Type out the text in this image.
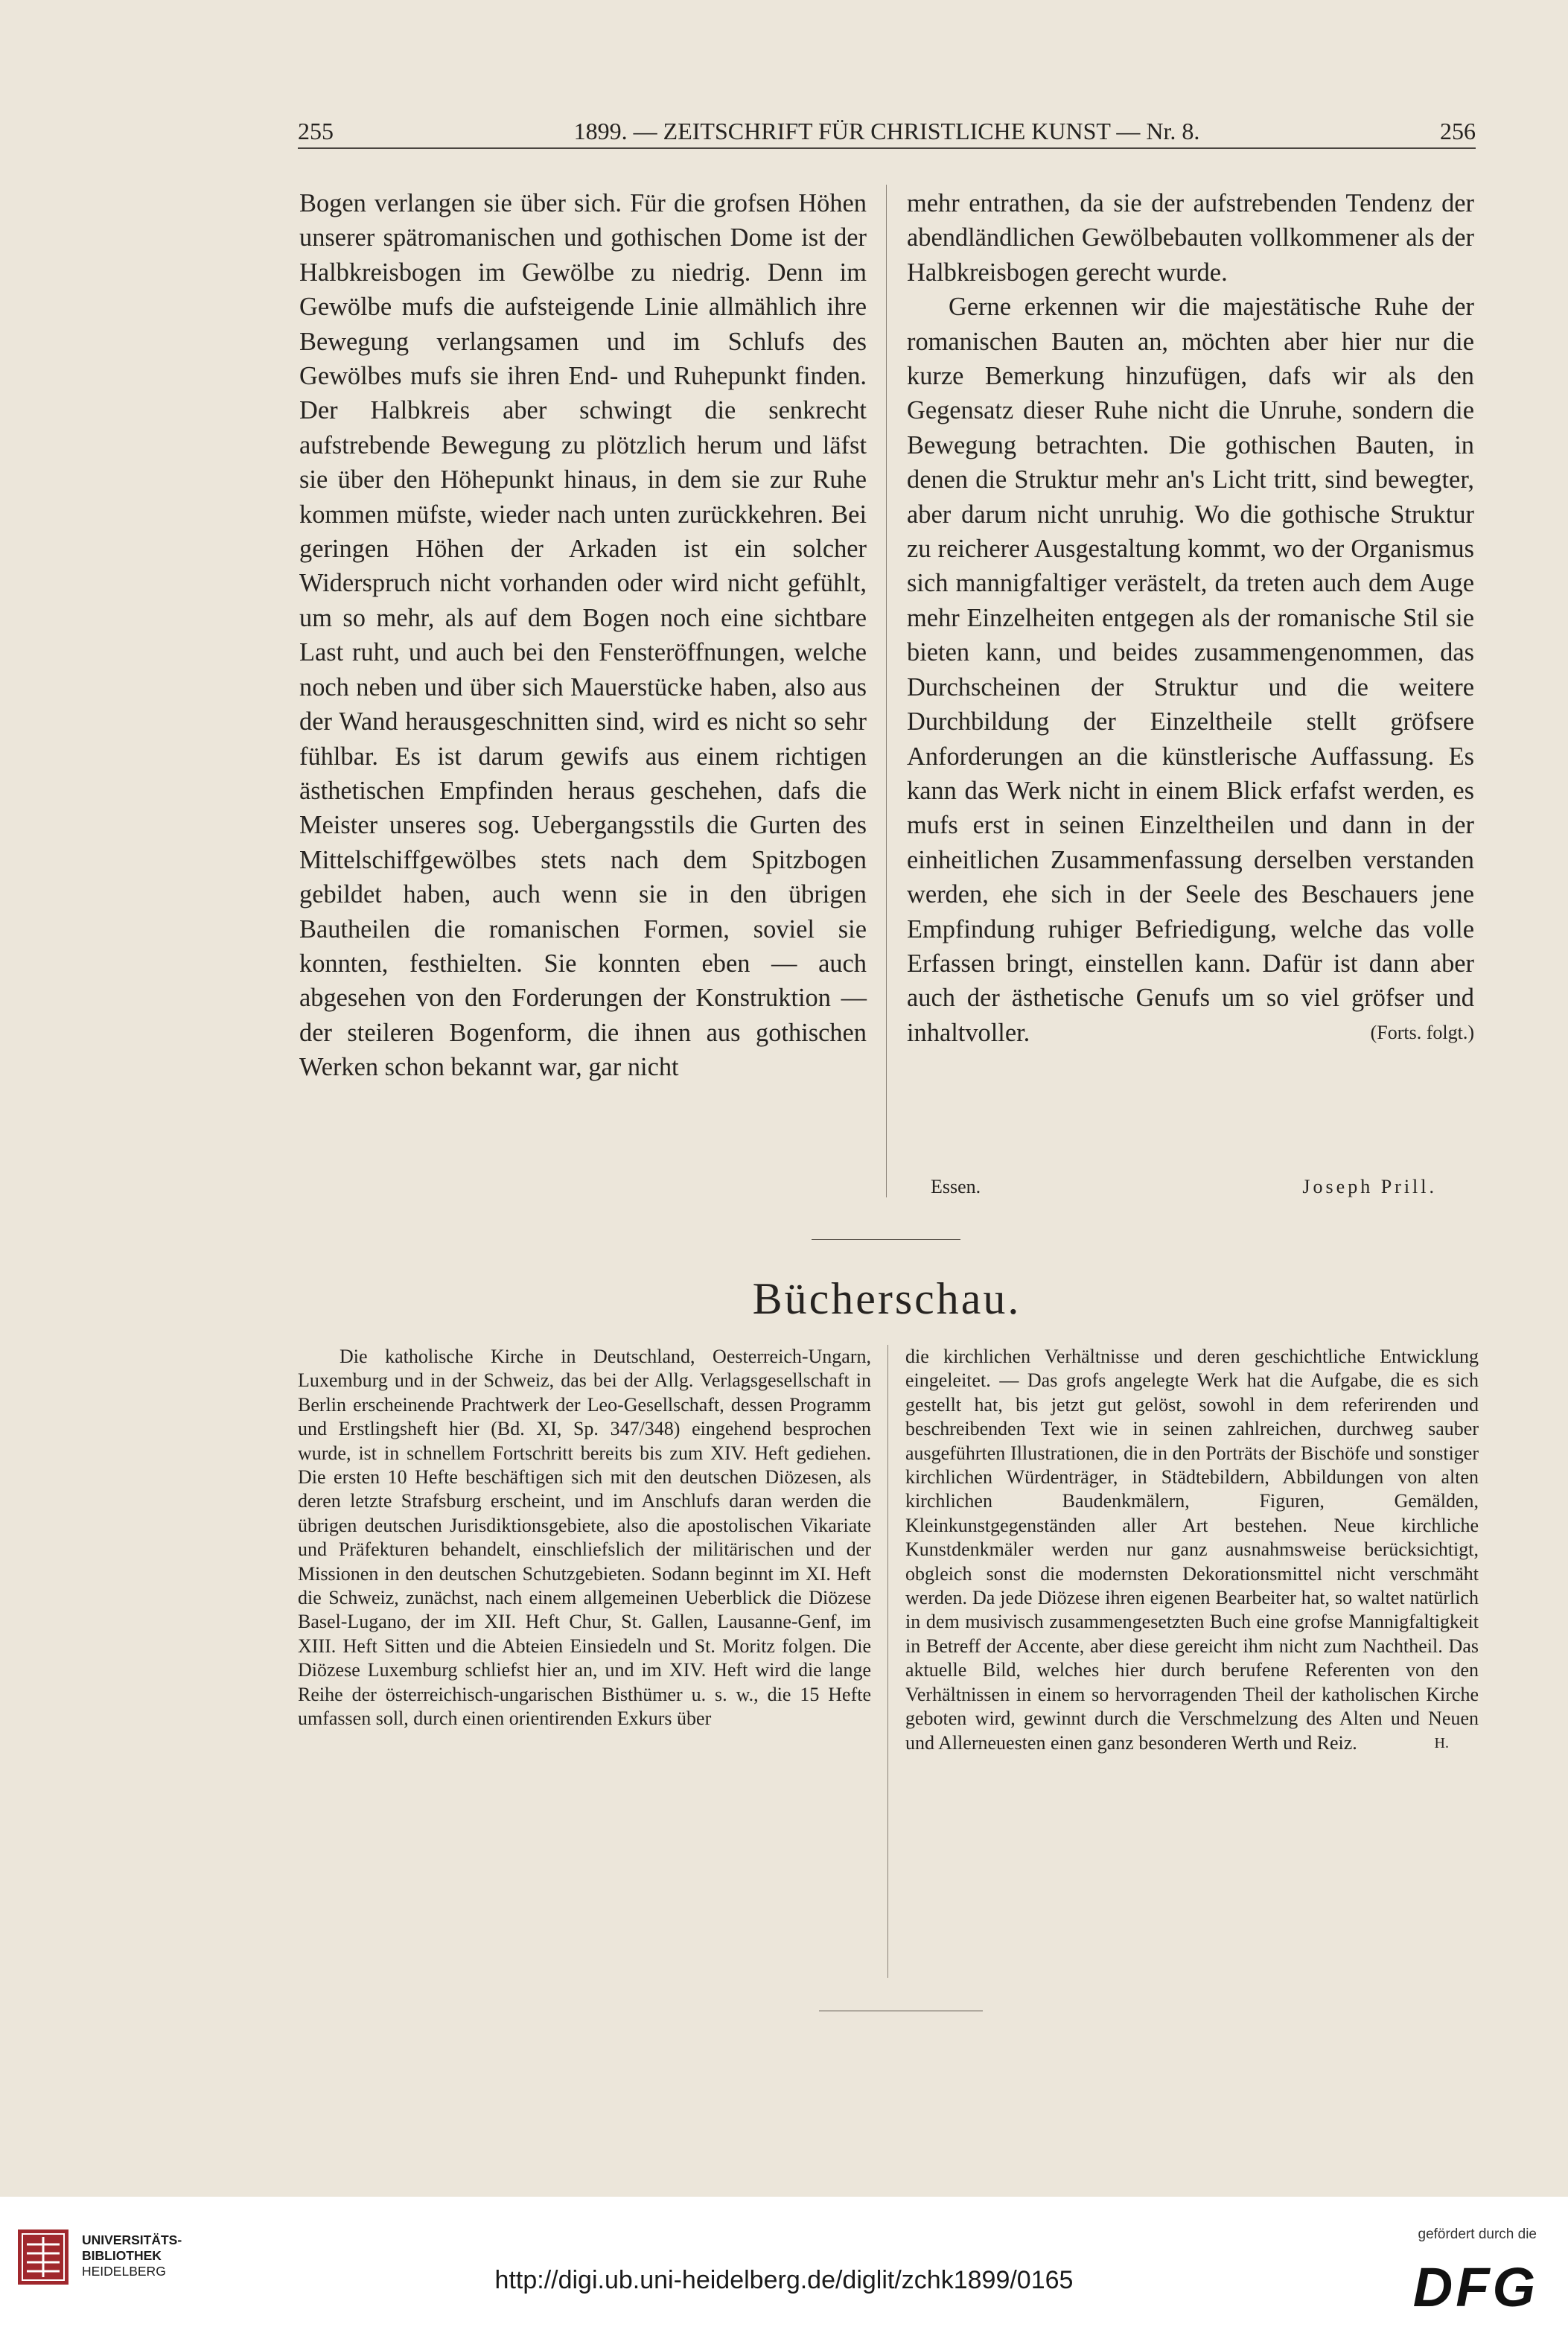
255	1899. — ZEITSCHRIFT FÜR CHRISTLICHE KUNST — Nr. 8.	256

Bogen verlangen sie über sich. Für die grofsen Höhen unserer spätromanischen und gothischen Dome ist der Halbkreisbogen im Gewölbe zu niedrig. Denn im Gewölbe mufs die aufsteigende Linie allmählich ihre Bewegung verlangsamen und im Schlufs des Gewölbes mufs sie ihren End- und Ruhepunkt finden. Der Halbkreis aber schwingt die senkrecht aufstrebende Bewegung zu plötzlich herum und läfst sie über den Höhepunkt hinaus, in dem sie zur Ruhe kommen müfste, wieder nach unten zurückkehren. Bei geringen Höhen der Arkaden ist ein solcher Widerspruch nicht vorhanden oder wird nicht gefühlt, um so mehr, als auf dem Bogen noch eine sichtbare Last ruht, und auch bei den Fensteröffnungen, welche noch neben und über sich Mauerstücke haben, also aus der Wand herausgeschnitten sind, wird es nicht so sehr fühlbar. Es ist darum gewifs aus einem richtigen ästhetischen Empfinden heraus geschehen, dafs die Meister unseres sog. Uebergangsstils die Gurten des Mittelschiffgewölbes stets nach dem Spitzbogen gebildet haben, auch wenn sie in den übrigen Bautheilen die romanischen Formen, soviel sie konnten, festhielten. Sie konnten eben — auch abgesehen von den Forderungen der Konstruktion — der steileren Bogenform, die ihnen aus gothischen Werken schon bekannt war, gar nicht

mehr entrathen, da sie der aufstrebenden Tendenz der abendländlichen Gewölbebauten vollkommener als der Halbkreisbogen gerecht wurde.

Gerne erkennen wir die majestätische Ruhe der romanischen Bauten an, möchten aber hier nur die kurze Bemerkung hinzufügen, dafs wir als den Gegensatz dieser Ruhe nicht die Unruhe, sondern die Bewegung betrachten. Die gothischen Bauten, in denen die Struktur mehr an's Licht tritt, sind bewegter, aber darum nicht unruhig. Wo die gothische Struktur zu reicherer Ausgestaltung kommt, wo der Organismus sich mannigfaltiger verästelt, da treten auch dem Auge mehr Einzelheiten entgegen als der romanische Stil sie bieten kann, und beides zusammengenommen, das Durchscheinen der Struktur und die weitere Durchbildung der Einzeltheile stellt gröfsere Anforderungen an die künstlerische Auffassung. Es kann das Werk nicht in einem Blick erfafst werden, es mufs erst in seinen Einzeltheilen und dann in der einheitlichen Zusammenfassung derselben verstanden werden, ehe sich in der Seele des Beschauers jene Empfindung ruhiger Befriedigung, welche das volle Erfassen bringt, einstellen kann. Dafür ist dann aber auch der ästhetische Genufs um so viel gröfser und inhaltvoller.	(Forts. folgt.)

Essen.	Joseph Prill.
Bücherschau.

Die katholische Kirche in Deutschland, Oesterreich-Ungarn, Luxemburg und in der Schweiz, das bei der Allg. Verlagsgesellschaft in Berlin erscheinende Prachtwerk der Leo-Gesellschaft, dessen Programm und Erstlingsheft hier (Bd. XI, Sp. 347/348) eingehend besprochen wurde, ist in schnellem Fortschritt bereits bis zum XIV. Heft gediehen. Die ersten 10 Hefte beschäftigen sich mit den deutschen Diözesen, als deren letzte Strafsburg erscheint, und im Anschlufs daran werden die übrigen deutschen Jurisdiktionsgebiete, also die apostolischen Vikariate und Präfekturen behandelt, einschliefslich der militärischen und der Missionen in den deutschen Schutzgebieten. Sodann beginnt im XI. Heft die Schweiz, zunächst, nach einem allgemeinen Ueberblick die Diözese Basel-Lugano, der im XII. Heft Chur, St. Gallen, Lausanne-Genf, im XIII. Heft Sitten und die Abteien Einsiedeln und St. Moritz folgen. Die Diözese Luxemburg schliefst hier an, und im XIV. Heft wird die lange Reihe der österreichisch-ungarischen Bisthümer u. s. w., die 15 Hefte umfassen soll, durch einen orientirenden Exkurs über

die kirchlichen Verhältnisse und deren geschichtliche Entwicklung eingeleitet. — Das grofs angelegte Werk hat die Aufgabe, die es sich gestellt hat, bis jetzt gut gelöst, sowohl in dem referirenden und beschreibenden Text wie in seinen zahlreichen, durchweg sauber ausgeführten Illustrationen, die in den Porträts der Bischöfe und sonstiger kirchlichen Würdenträger, in Städtebildern, Abbildungen von alten kirchlichen Baudenkmälern, Figuren, Gemälden, Kleinkunstgegenständen aller Art bestehen. Neue kirchliche Kunstdenkmäler werden nur ganz ausnahmsweise berücksichtigt, obgleich sonst die modernsten Dekorationsmittel nicht verschmäht werden. Da jede Diözese ihren eigenen Bearbeiter hat, so waltet natürlich in dem musivisch zusammengesetzten Buch eine grofse Mannigfaltigkeit in Betreff der Accente, aber diese gereicht ihm nicht zum Nachtheil. Das aktuelle Bild, welches hier durch berufene Referenten von den Verhältnissen in einem so hervorragenden Theil der katholischen Kirche geboten wird, gewinnt durch die Verschmelzung des Alten und Neuen und Allerneuesten einen ganz besonderen Werth und Reiz.	H.

UNIVERSITÄTS-
BIBLIOTHEK
HEIDELBERG	http://digi.ub.uni-heidelberg.de/diglit/zchk1899/0165
gefördert durch die
DFG
